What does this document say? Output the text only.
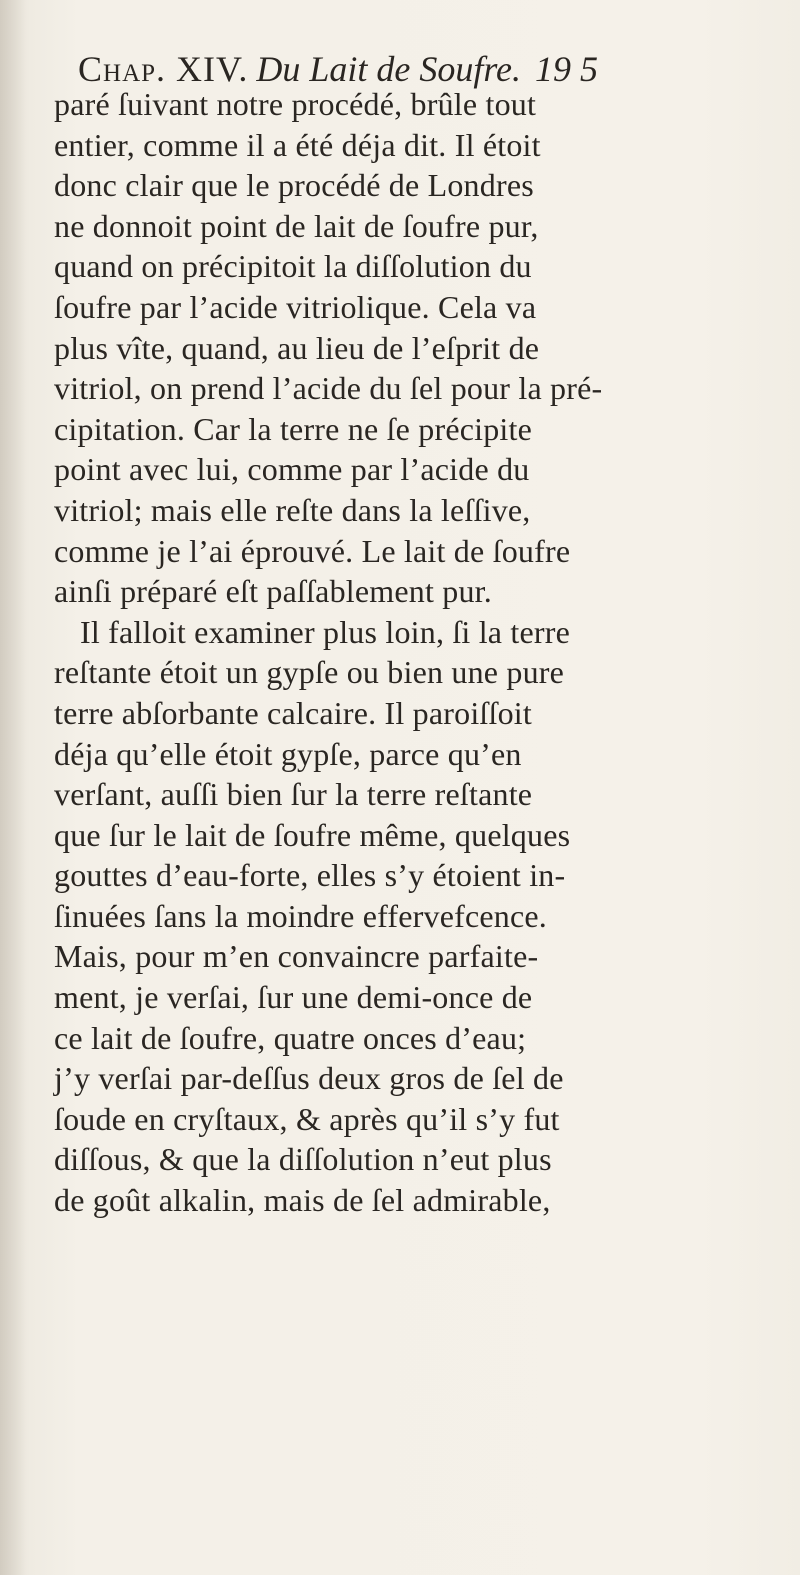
Chap. XIV. Du Lait de Soufre. 19 5
paré ſuivant notre procédé, brûle tout
entier, comme il a été déja dit. Il étoit
donc clair que le procédé de Londres
ne donnoit point de lait de ſoufre pur,
quand on précipitoit la diſſolution du
ſoufre par l’acide vitriolique. Cela va
plus vîte, quand, au lieu de l’eſprit de
vitriol, on prend l’acide du ſel pour la pré-
cipitation. Car la terre ne ſe précipite
point avec lui, comme par l’acide du
vitriol; mais elle reſte dans la leſſive,
comme je l’ai éprouvé. Le lait de ſoufre
ainſi préparé eſt paſſablement pur.
Il falloit examiner plus loin, ſi la terre
reſtante étoit un gypſe ou bien une pure
terre abſorbante calcaire. Il paroiſſoit
déja qu’elle étoit gypſe, parce qu’en
verſant, auſſi bien ſur la terre reſtante
que ſur le lait de ſoufre même, quelques
gouttes d’eau-forte, elles s’y étoient in-
ſinuées ſans la moindre effervefcence.
Mais, pour m’en convaincre parfaite-
ment, je verſai, ſur une demi-once de
ce lait de ſoufre, quatre onces d’eau;
j’y verſai par-deſſus deux gros de ſel de
ſoude en cryſtaux, & après qu’il s’y fut
diſſous, & que la diſſolution n’eut plus
de goût alkalin, mais de ſel admirable,
